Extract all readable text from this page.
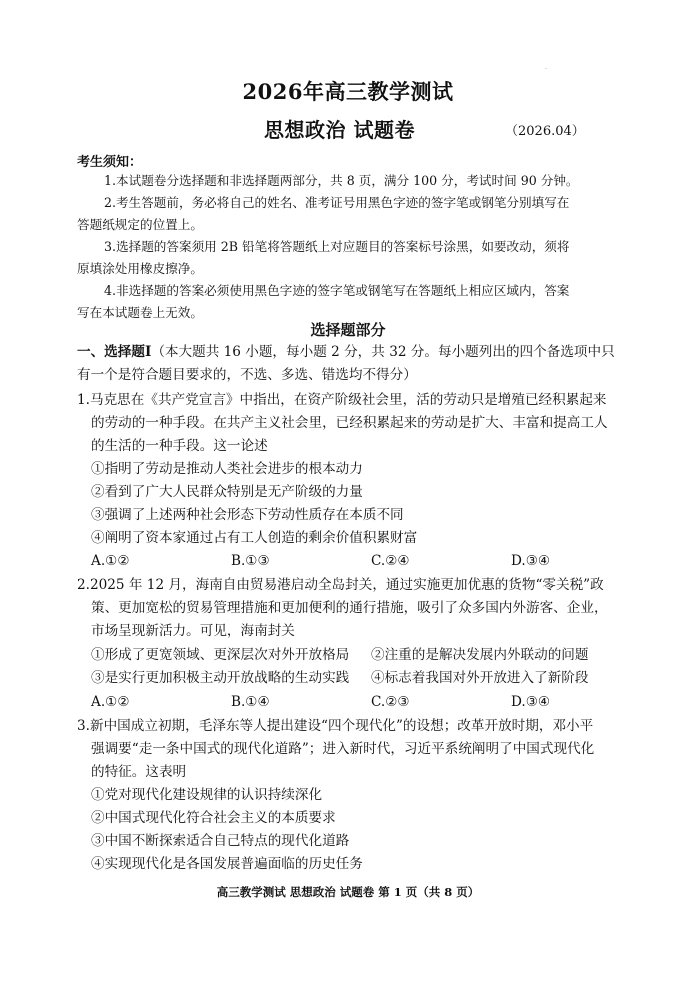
.
2026年高三教学测试
思想政治 试题卷	（2026.04）
考生须知：
1.本试题卷分选择题和非选择题两部分，共 8 页，满分 100 分，考试时间 90 分钟。
2.考生答题前，务必将自己的姓名、准考证号用黑色字迹的签字笔或钢笔分别填写在
答题纸规定的位置上。
3.选择题的答案须用 2B 铅笔将答题纸上对应题目的答案标号涂黑，如要改动，须将
原填涂处用橡皮擦净。
4.非选择题的答案必须使用黑色字迹的签字笔或钢笔写在答题纸上相应区域内，答案
写在本试题卷上无效。
选择题部分
一、选择题Ⅰ（本大题共 16 小题，每小题 2 分，共 32 分。每小题列出的四个备选项中只
有一个是符合题目要求的，不选、多选、错选均不得分）
1.马克思在《共产党宣言》中指出，在资产阶级社会里，活的劳动只是增殖已经积累起来
的劳动的一种手段。在共产主义社会里，已经积累起来的劳动是扩大、丰富和提高工人
的生活的一种手段。这一论述
①指明了劳动是推动人类社会进步的根本动力
②看到了广大人民群众特别是无产阶级的力量
③强调了上述两种社会形态下劳动性质存在本质不同
④阐明了资本家通过占有工人创造的剩余价值积累财富
A.①②	B.①③	C.②④	D.③④
2.2025 年 12 月，海南自由贸易港启动全岛封关，通过实施更加优惠的货物“零关税”政
策、更加宽松的贸易管理措施和更加便利的通行措施，吸引了众多国内外游客、企业，
市场呈现新活力。可见，海南封关
①形成了更宽领域、更深层次对外开放格局 ②注重的是解决发展内外联动的问题
③是实行更加积极主动开放战略的生动实践 ④标志着我国对外开放进入了新阶段
A.①②	B.①④	C.②③	D.③④
3.新中国成立初期，毛泽东等人提出建设“四个现代化”的设想；改革开放时期，邓小平
强调要“走一条中国式的现代化道路”；进入新时代，习近平系统阐明了中国式现代化
的特征。这表明
①党对现代化建设规律的认识持续深化
②中国式现代化符合社会主义的本质要求
③中国不断探索适合自己特点的现代化道路
④实现现代化是各国发展普遍面临的历史任务
高三教学测试 思想政治 试题卷 第 1 页（共 8 页）
